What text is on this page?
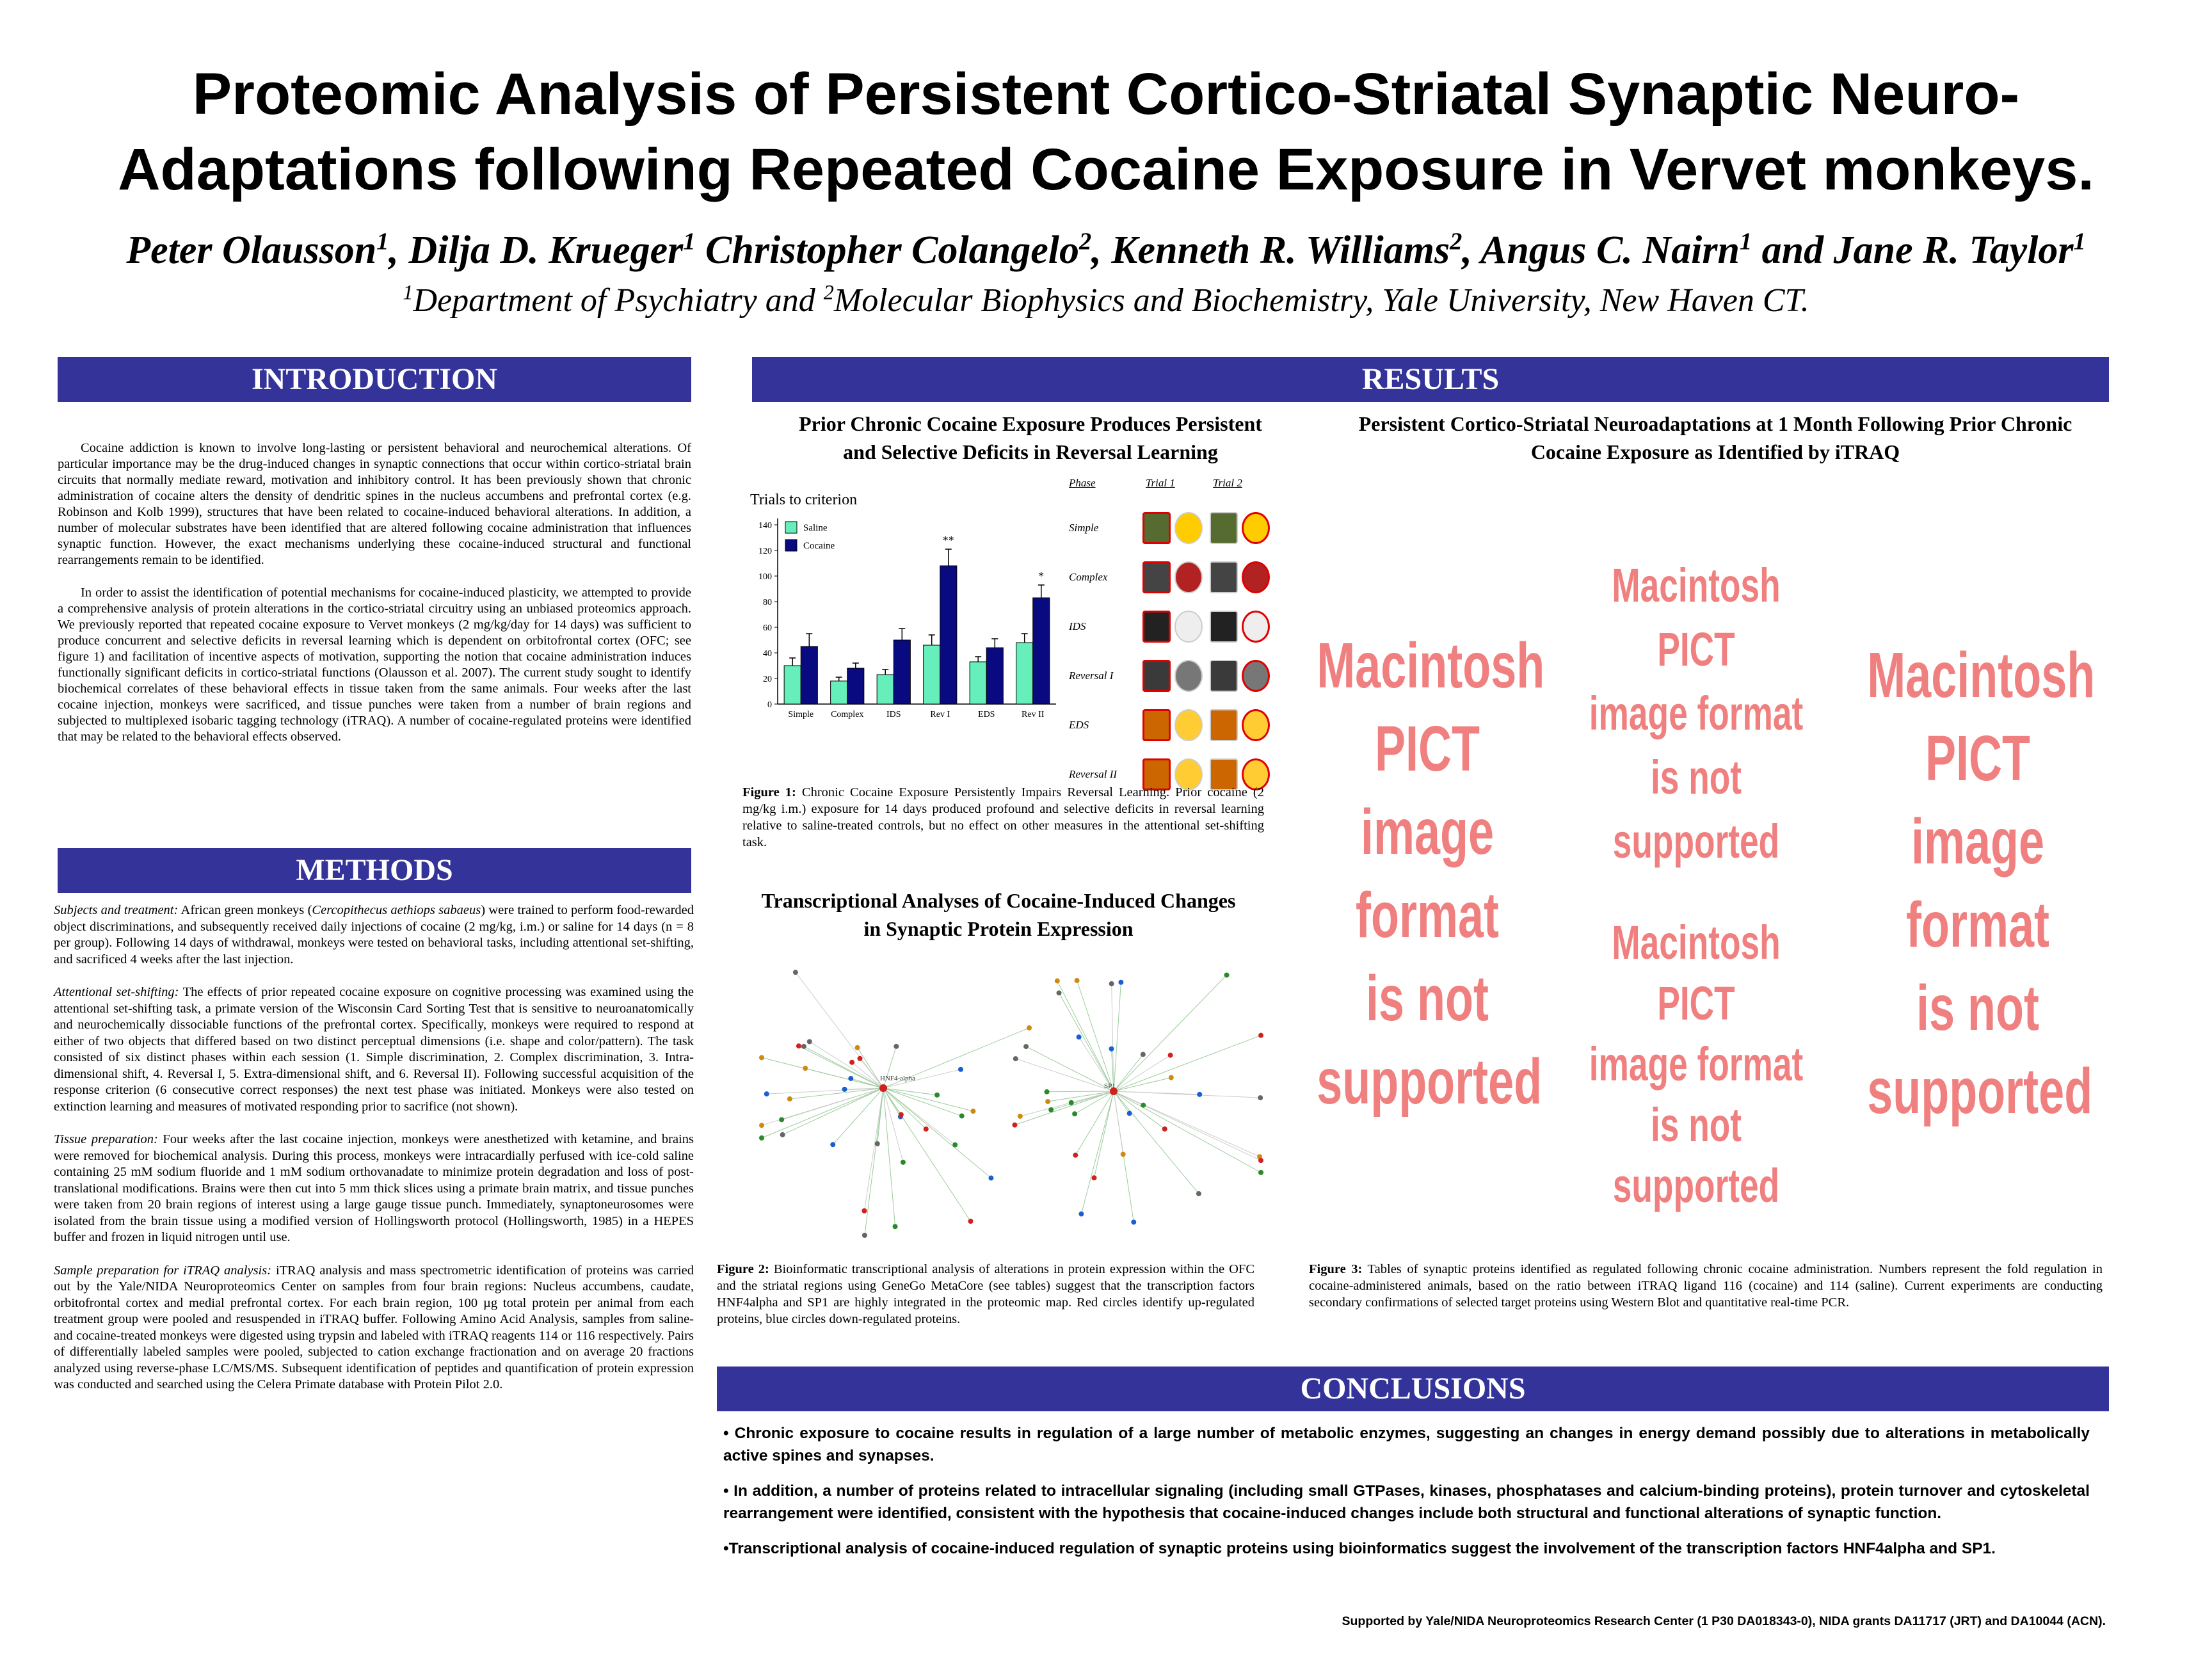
Proteomic Analysis of Persistent Cortico-Striatal Synaptic Neuro-
Adaptations following Repeated Cocaine Exposure in Vervet monkeys.
Peter Olausson$^1$, Dilja D. Krueger$^1$ Christopher Colangelo$^2$, Kenneth R. Williams$^2$, Angus C. Nairn$^1$ and Jane R. Taylor$^1$
$^1$Department of Psychiatry and $^2$Molecular Biophysics and Biochemistry, Yale University, New Haven CT.
INTRODUCTION

Cocaine addiction is known to involve long-lasting or persistent behavioral and neurochemical alterations. Of particular importance may be the drug-induced changes in synaptic connections that occur within cortico-striatal brain circuits that normally mediate reward, motivation and inhibitory control. It has been previously shown that chronic administration of cocaine alters the density of dendritic spines in the nucleus accumbens and prefrontal cortex (e.g. Robinson and Kolb 1999), structures that have been related to cocaine-induced behavioral alterations. In addition, a number of molecular substrates have been identified that are altered following cocaine administration that influences synaptic function. However, the exact mechanisms underlying these cocaine-induced structural and functional rearrangements remain to be identified.

In order to assist the identification of potential mechanisms for cocaine-induced plasticity, we attempted to provide a comprehensive analysis of protein alterations in the cortico-striatal circuitry using an unbiased proteomics approach. We previously reported that repeated cocaine exposure to Vervet monkeys (2 mg/kg/day for 14 days) was sufficient to produce concurrent and selective deficits in reversal learning which is dependent on orbitofrontal cortex (OFC; see figure 1) and facilitation of incentive aspects of motivation, supporting the notion that cocaine administration induces functionally significant deficits in cortico-striatal functions (Olausson et al. 2007). The current study sought to identify biochemical correlates of these behavioral effects in tissue taken from the same animals. Four weeks after the last cocaine injection, monkeys were sacrificed, and tissue punches were taken from a number of brain regions and subjected to multiplexed isobaric tagging technology (iTRAQ). A number of cocaine-regulated proteins were identified that may be related to the behavioral effects observed.

METHODS

Subjects and treatment: African green monkeys (Cercopithecus aethiops sabaeus) were trained to perform food-rewarded object discriminations, and subsequently received daily injections of cocaine (2 mg/kg, i.m.) or saline for 14 days (n = 8 per group). Following 14 days of withdrawal, monkeys were tested on behavioral tasks, including attentional set-shifting, and sacrificed 4 weeks after the last injection.

Attentional set-shifting: The effects of prior repeated cocaine exposure on cognitive processing was examined using the attentional set-shifting task, a primate version of the Wisconsin Card Sorting Test that is sensitive to neuroanatomically and neurochemically dissociable functions of the prefrontal cortex. Specifically, monkeys were required to respond at either of two objects that differed based on two distinct perceptual dimensions (i.e. shape and color/pattern). The task consisted of six distinct phases within each session (1. Simple discrimination, 2. Complex discrimination, 3. Intra-dimensional shift, 4. Reversal I, 5. Extra-dimensional shift, and 6. Reversal II). Following successful acquisition of the response criterion (6 consecutive correct responses) the next test phase was initiated. Monkeys were also tested on extinction learning and measures of motivated responding prior to sacrifice (not shown).

Tissue preparation: Four weeks after the last cocaine injection, monkeys were anesthetized with ketamine, and brains were removed for biochemical analysis. During this process, monkeys were intracardially perfused with ice-cold saline containing 25 mM sodium fluoride and 1 mM sodium orthovanadate to minimize protein degradation and loss of post-translational modifications. Brains were then cut into 5 mm thick slices using a primate brain matrix, and tissue punches were taken from 20 brain regions of interest using a large gauge tissue punch. Immediately, synaptoneurosomes were isolated from the brain tissue using a modified version of Hollingsworth protocol (Hollingsworth, 1985) in a HEPES buffer and frozen in liquid nitrogen until use.

Sample preparation for iTRAQ analysis: iTRAQ analysis and mass spectrometric identification of proteins was carried out by the Yale/NIDA Neuroproteomics Center on samples from four brain regions: Nucleus accumbens, caudate, orbitofrontal cortex and medial prefrontal cortex. For each brain region, 100 µg total protein per animal from each treatment group were pooled and resuspended in iTRAQ buffer. Following Amino Acid Analysis, samples from saline- and cocaine-treated monkeys were digested using trypsin and labeled with iTRAQ reagents 114 or 116 respectively. Pairs of differentially labeled samples were pooled, subjected to cation exchange fractionation and on average 20 fractions analyzed using reverse-phase LC/MS/MS. Subsequent identification of peptides and quantification of protein expression was conducted and searched using the Celera Primate database with Protein Pilot 2.0.

RESULTS
Prior Chronic Cocaine Exposure Produces Persistent
and Selective Deficits in Reversal Learning
Persistent Cortico-Striatal Neuroadaptations at 1 Month Following Prior Chronic
Cocaine Exposure as Identified by iTRAQ
Trials to criterion
0
20
40
60
80
100
120
140
Simple Complex	IDS	Rev I	EDS	Rev II
**
*
Saline
Cocaine
Phase	Trial 1	Trial 2
Simple
Complex
IDS
Reversal I
EDS
Reversal II
Figure 1: Chronic Cocaine Exposure Persistently Impairs Reversal Learning. Prior cocaine (2 mg/kg i.m.) exposure for 14 days produced profound and selective deficits in reversal learning relative to saline-treated controls, but no effect on other measures in the attentional set-shifting task.
Macintosh PICT
image format
is not supported
Macintosh PICT
image format
is not supported
Macintosh PICT
image format
is not supported
Macintosh PICT
image format
is not supported
Transcriptional Analyses of Cocaine-Induced Changes
in Synaptic Protein Expression
HNF4-alpha
SP1
Figure 2: Bioinformatic transcriptional analysis of alterations in protein expression within the OFC and the striatal regions using GeneGo MetaCore (see tables) suggest that the transcription factors HNF4alpha and SP1 are highly integrated in the proteomic map. Red circles identify up-regulated proteins, blue circles down-regulated proteins.
Figure 3: Tables of synaptic proteins identified as regulated following chronic cocaine administration. Numbers represent the fold regulation in cocaine-administered animals, based on the ratio between iTRAQ ligand 116 (cocaine) and 114 (saline). Current experiments are conducting secondary confirmations of selected target proteins using Western Blot and quantitative real-time PCR.
CONCLUSIONS

• Chronic exposure to cocaine results in regulation of a large number of metabolic enzymes, suggesting an changes in energy demand possibly due to alterations in metabolically active spines and synapses.

• In addition, a number of proteins related to intracellular signaling (including small GTPases, kinases, phosphatases and calcium-binding proteins), protein turnover and cytoskeletal rearrangement were identified, consistent with the hypothesis that cocaine-induced changes include both structural and functional alterations of synaptic function.

•Transcriptional analysis of cocaine-induced regulation of synaptic proteins using bioinformatics suggest the involvement of the transcription factors HNF4alpha and SP1.

Supported by Yale/NIDA Neuroproteomics Research Center (1 P30 DA018343-0), NIDA grants DA11717 (JRT) and DA10044 (ACN).
